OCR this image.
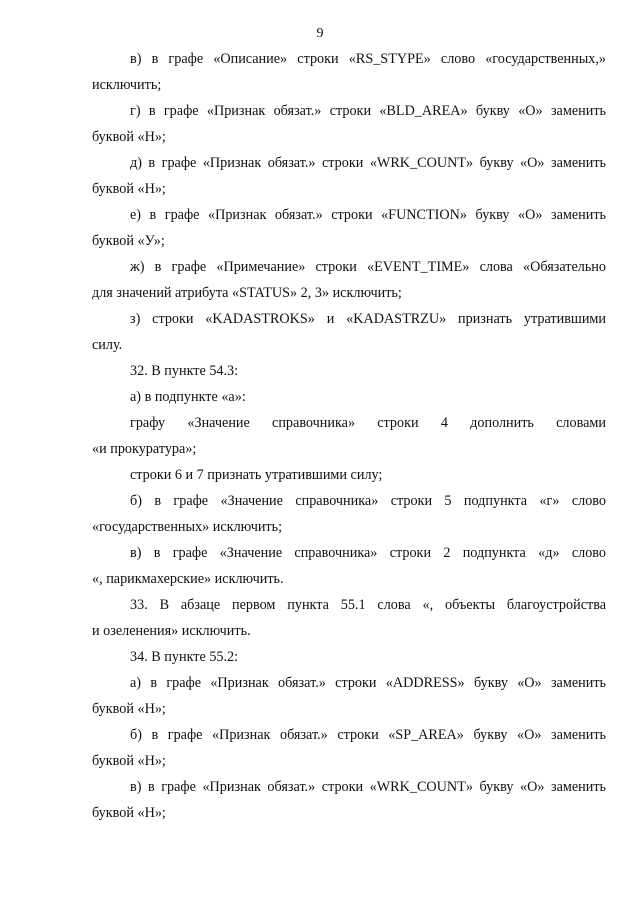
9

в) в графе «Описание» строки «RS_STYPE» слово «государственных,»
исключить;

г) в графе «Признак обязат.» строки «BLD_AREA» букву «О» заменить
буквой «Н»;

д) в графе «Признак обязат.» строки «WRK_COUNT» букву «О» заменить
буквой «Н»;

е) в графе «Признак обязат.» строки «FUNCTION» букву «О» заменить
буквой «У»;

ж) в графе «Примечание» строки «EVENT_TIME» слова «Обязательно
для значений атрибута «STATUS» 2, 3» исключить;

з) строки «KADASTROKS» и «KADASTRZU» признать утратившими
силу.

32. В пункте 54.3:

а) в подпункте «а»:

графу «Значение справочника» строки 4 дополнить словами
«и прокуратура»;

строки 6 и 7 признать утратившими силу;

б) в графе «Значение справочника» строки 5 подпункта «г» слово
«государственных» исключить;

в) в графе «Значение справочника» строки 2 подпункта «д» слово
«, парикмахерские» исключить.

33. В абзаце первом пункта 55.1 слова «, объекты благоустройства
и озеленения» исключить.

34. В пункте 55.2:

а) в графе «Признак обязат.» строки «ADDRESS» букву «О» заменить
буквой «Н»;

б) в графе «Признак обязат.» строки «SP_AREA» букву «О» заменить
буквой «Н»;

в) в графе «Признак обязат.» строки «WRK_COUNT» букву «О» заменить
буквой «Н»;
